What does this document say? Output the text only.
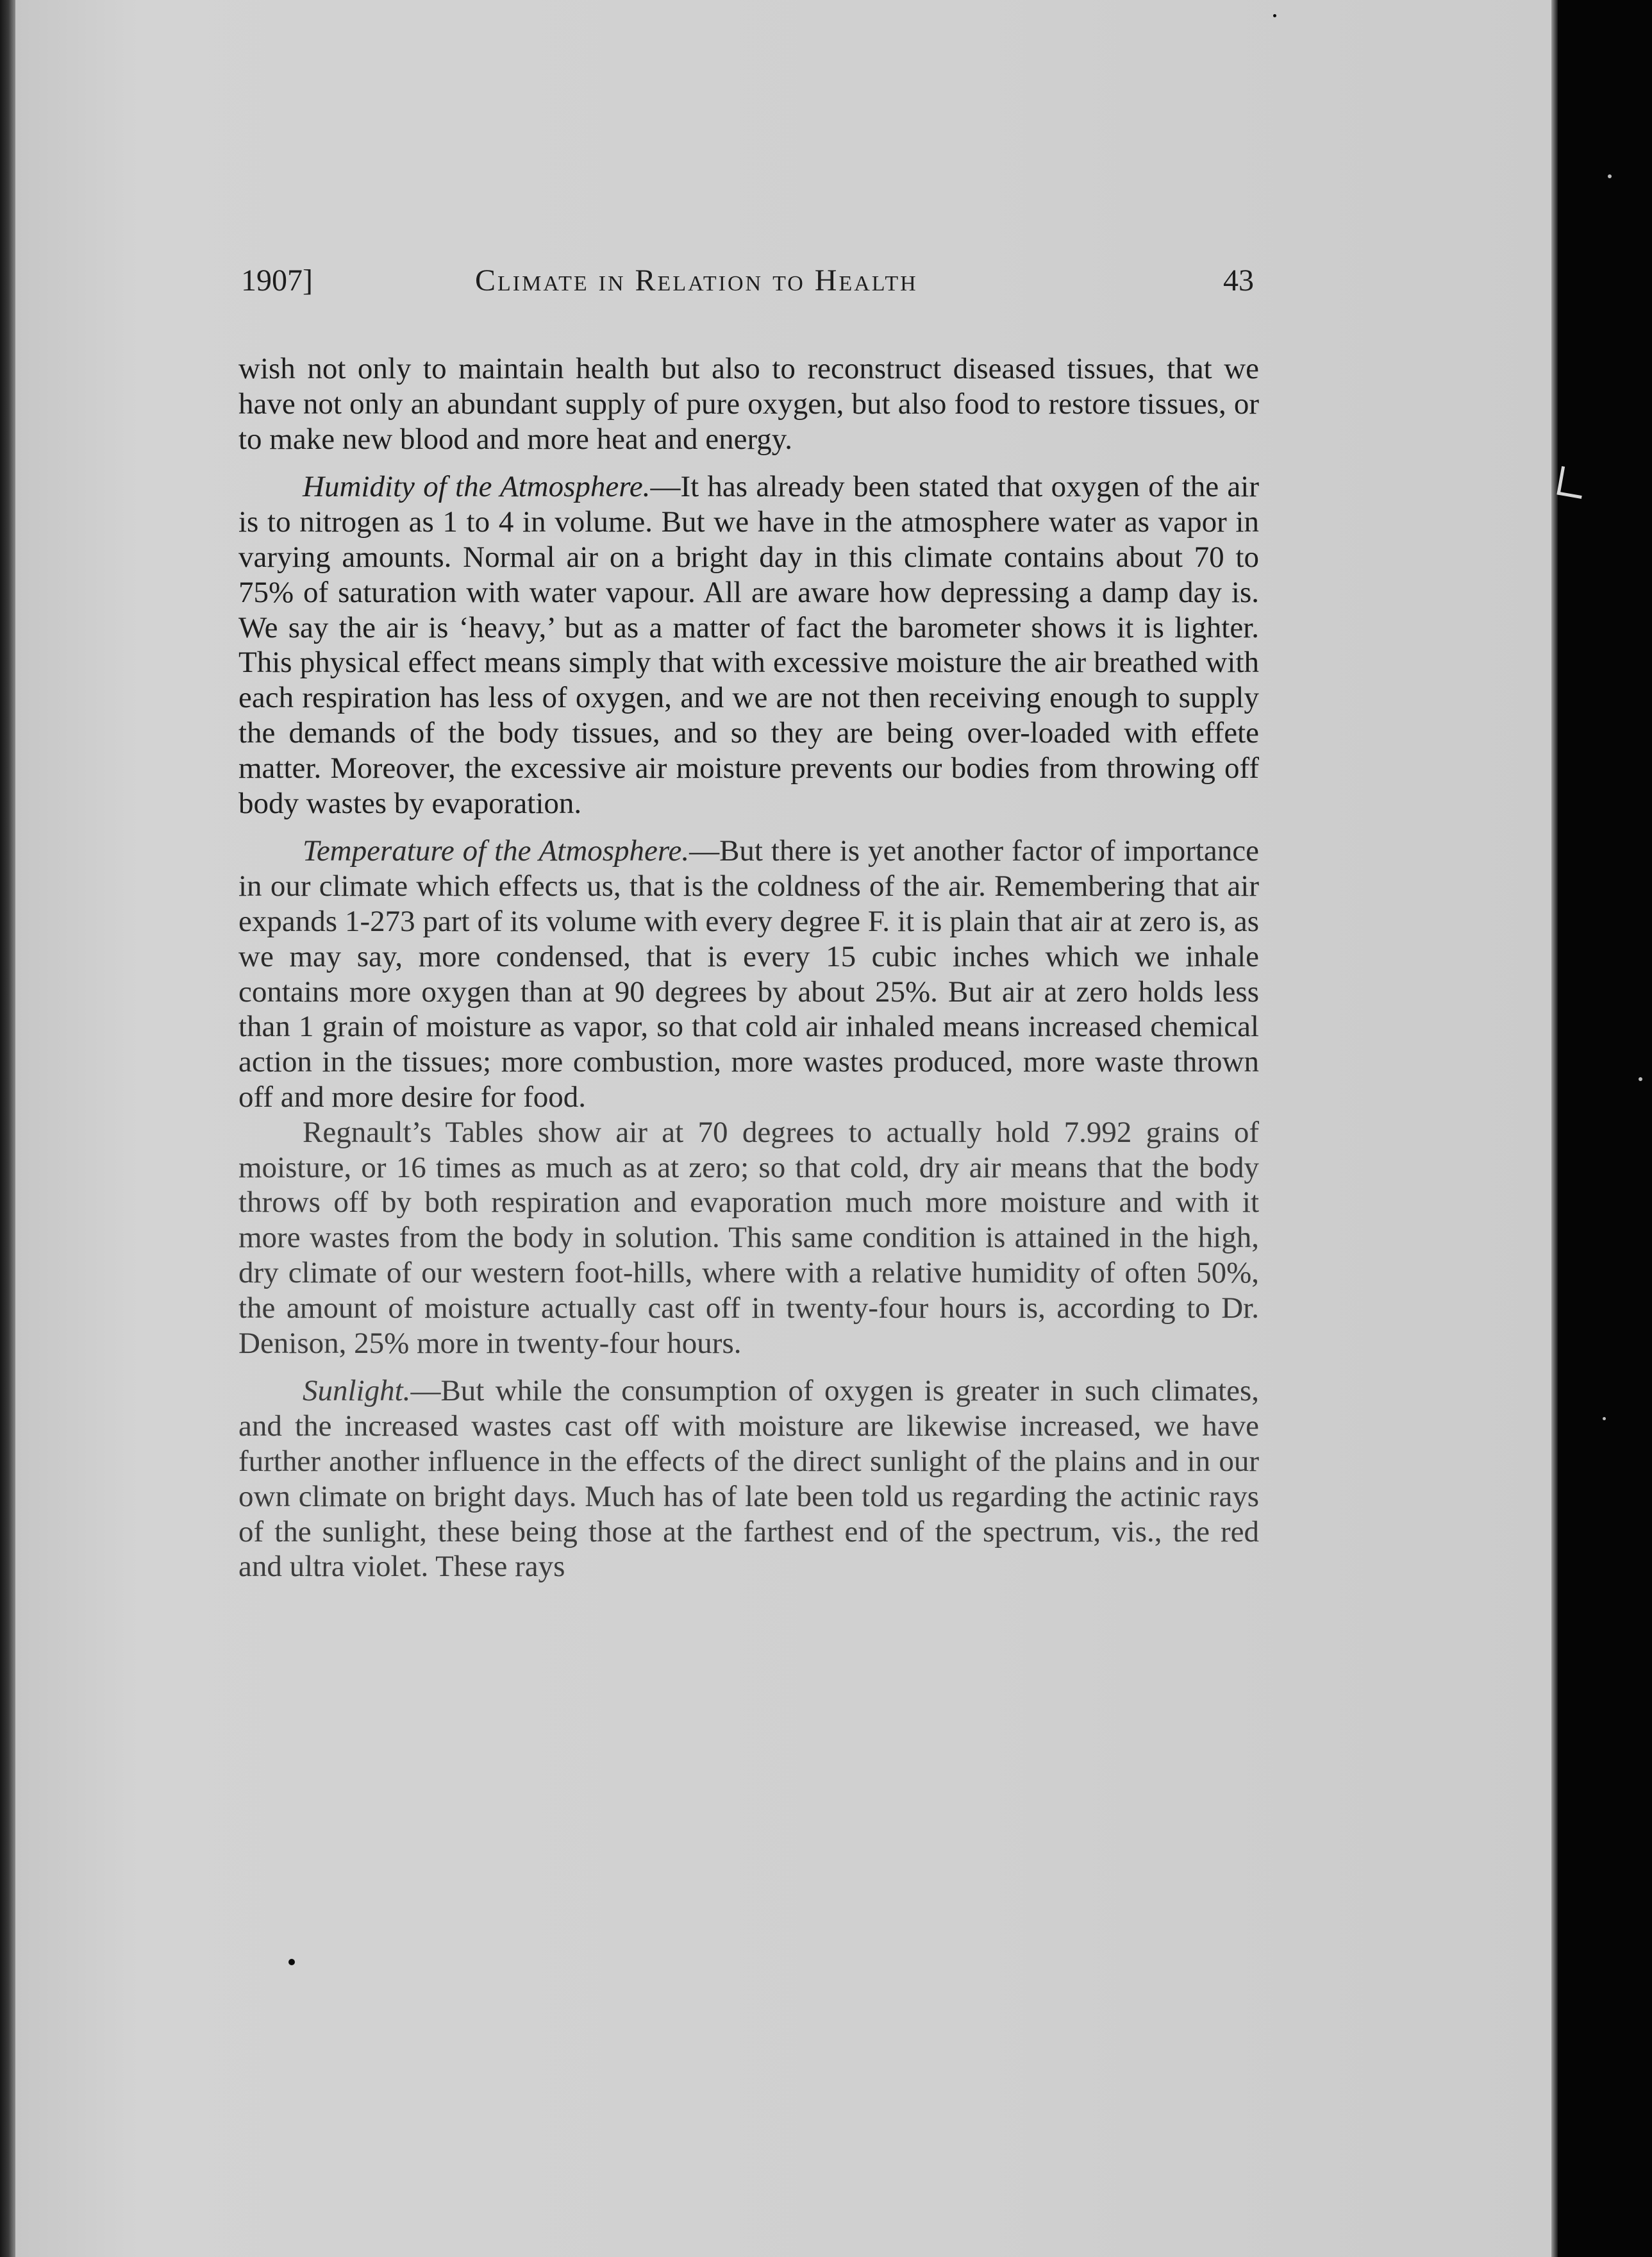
1907]	Climate in Relation to Health	43

wish not only to maintain health but also to reconstruct diseased tissues, that we have not only an abundant supply of pure oxygen, but also food to restore tissues, or to make new blood and more heat and energy.

Humidity of the Atmosphere.—It has already been stated that oxygen of the air is to nitrogen as 1 to 4 in volume. But we have in the atmosphere water as vapor in varying amounts. Normal air on a bright day in this climate contains about 70 to 75% of saturation with water vapour. All are aware how depressing a damp day is. We say the air is ‘heavy,’ but as a matter of fact the barometer shows it is lighter. This physical effect means simply that with excessive moisture the air breathed with each respiration has less of oxygen, and we are not then receiving enough to supply the demands of the body tissues, and so they are being over-loaded with effete matter. Moreover, the excessive air moisture prevents our bodies from throwing off body wastes by evaporation.

Temperature of the Atmosphere.—But there is yet another factor of importance in our climate which effects us, that is the coldness of the air. Remembering that air expands 1-273 part of its volume with every degree F. it is plain that air at zero is, as we may say, more condensed, that is every 15 cubic inches which we inhale contains more oxygen than at 90 degrees by about 25%. But air at zero holds less than 1 grain of moisture as vapor, so that cold air inhaled means increased chemical action in the tissues; more combustion, more wastes produced, more waste thrown off and more desire for food.

Regnault’s Tables show air at 70 degrees to actually hold 7.992 grains of moisture, or 16 times as much as at zero; so that cold, dry air means that the body throws off by both respiration and evaporation much more moisture and with it more wastes from the body in solution. This same condition is attained in the high, dry climate of our western foot-hills, where with a relative humidity of often 50%, the amount of moisture actually cast off in twenty-four hours is, according to Dr. Denison, 25% more in twenty-four hours.

Sunlight.—But while the consumption of oxygen is greater in such climates, and the increased wastes cast off with moisture are likewise increased, we have further another influence in the effects of the direct sunlight of the plains and in our own climate on bright days. Much has of late been told us regarding the actinic rays of the sunlight, these being those at the farthest end of the spectrum, vis., the red and ultra violet. These rays
